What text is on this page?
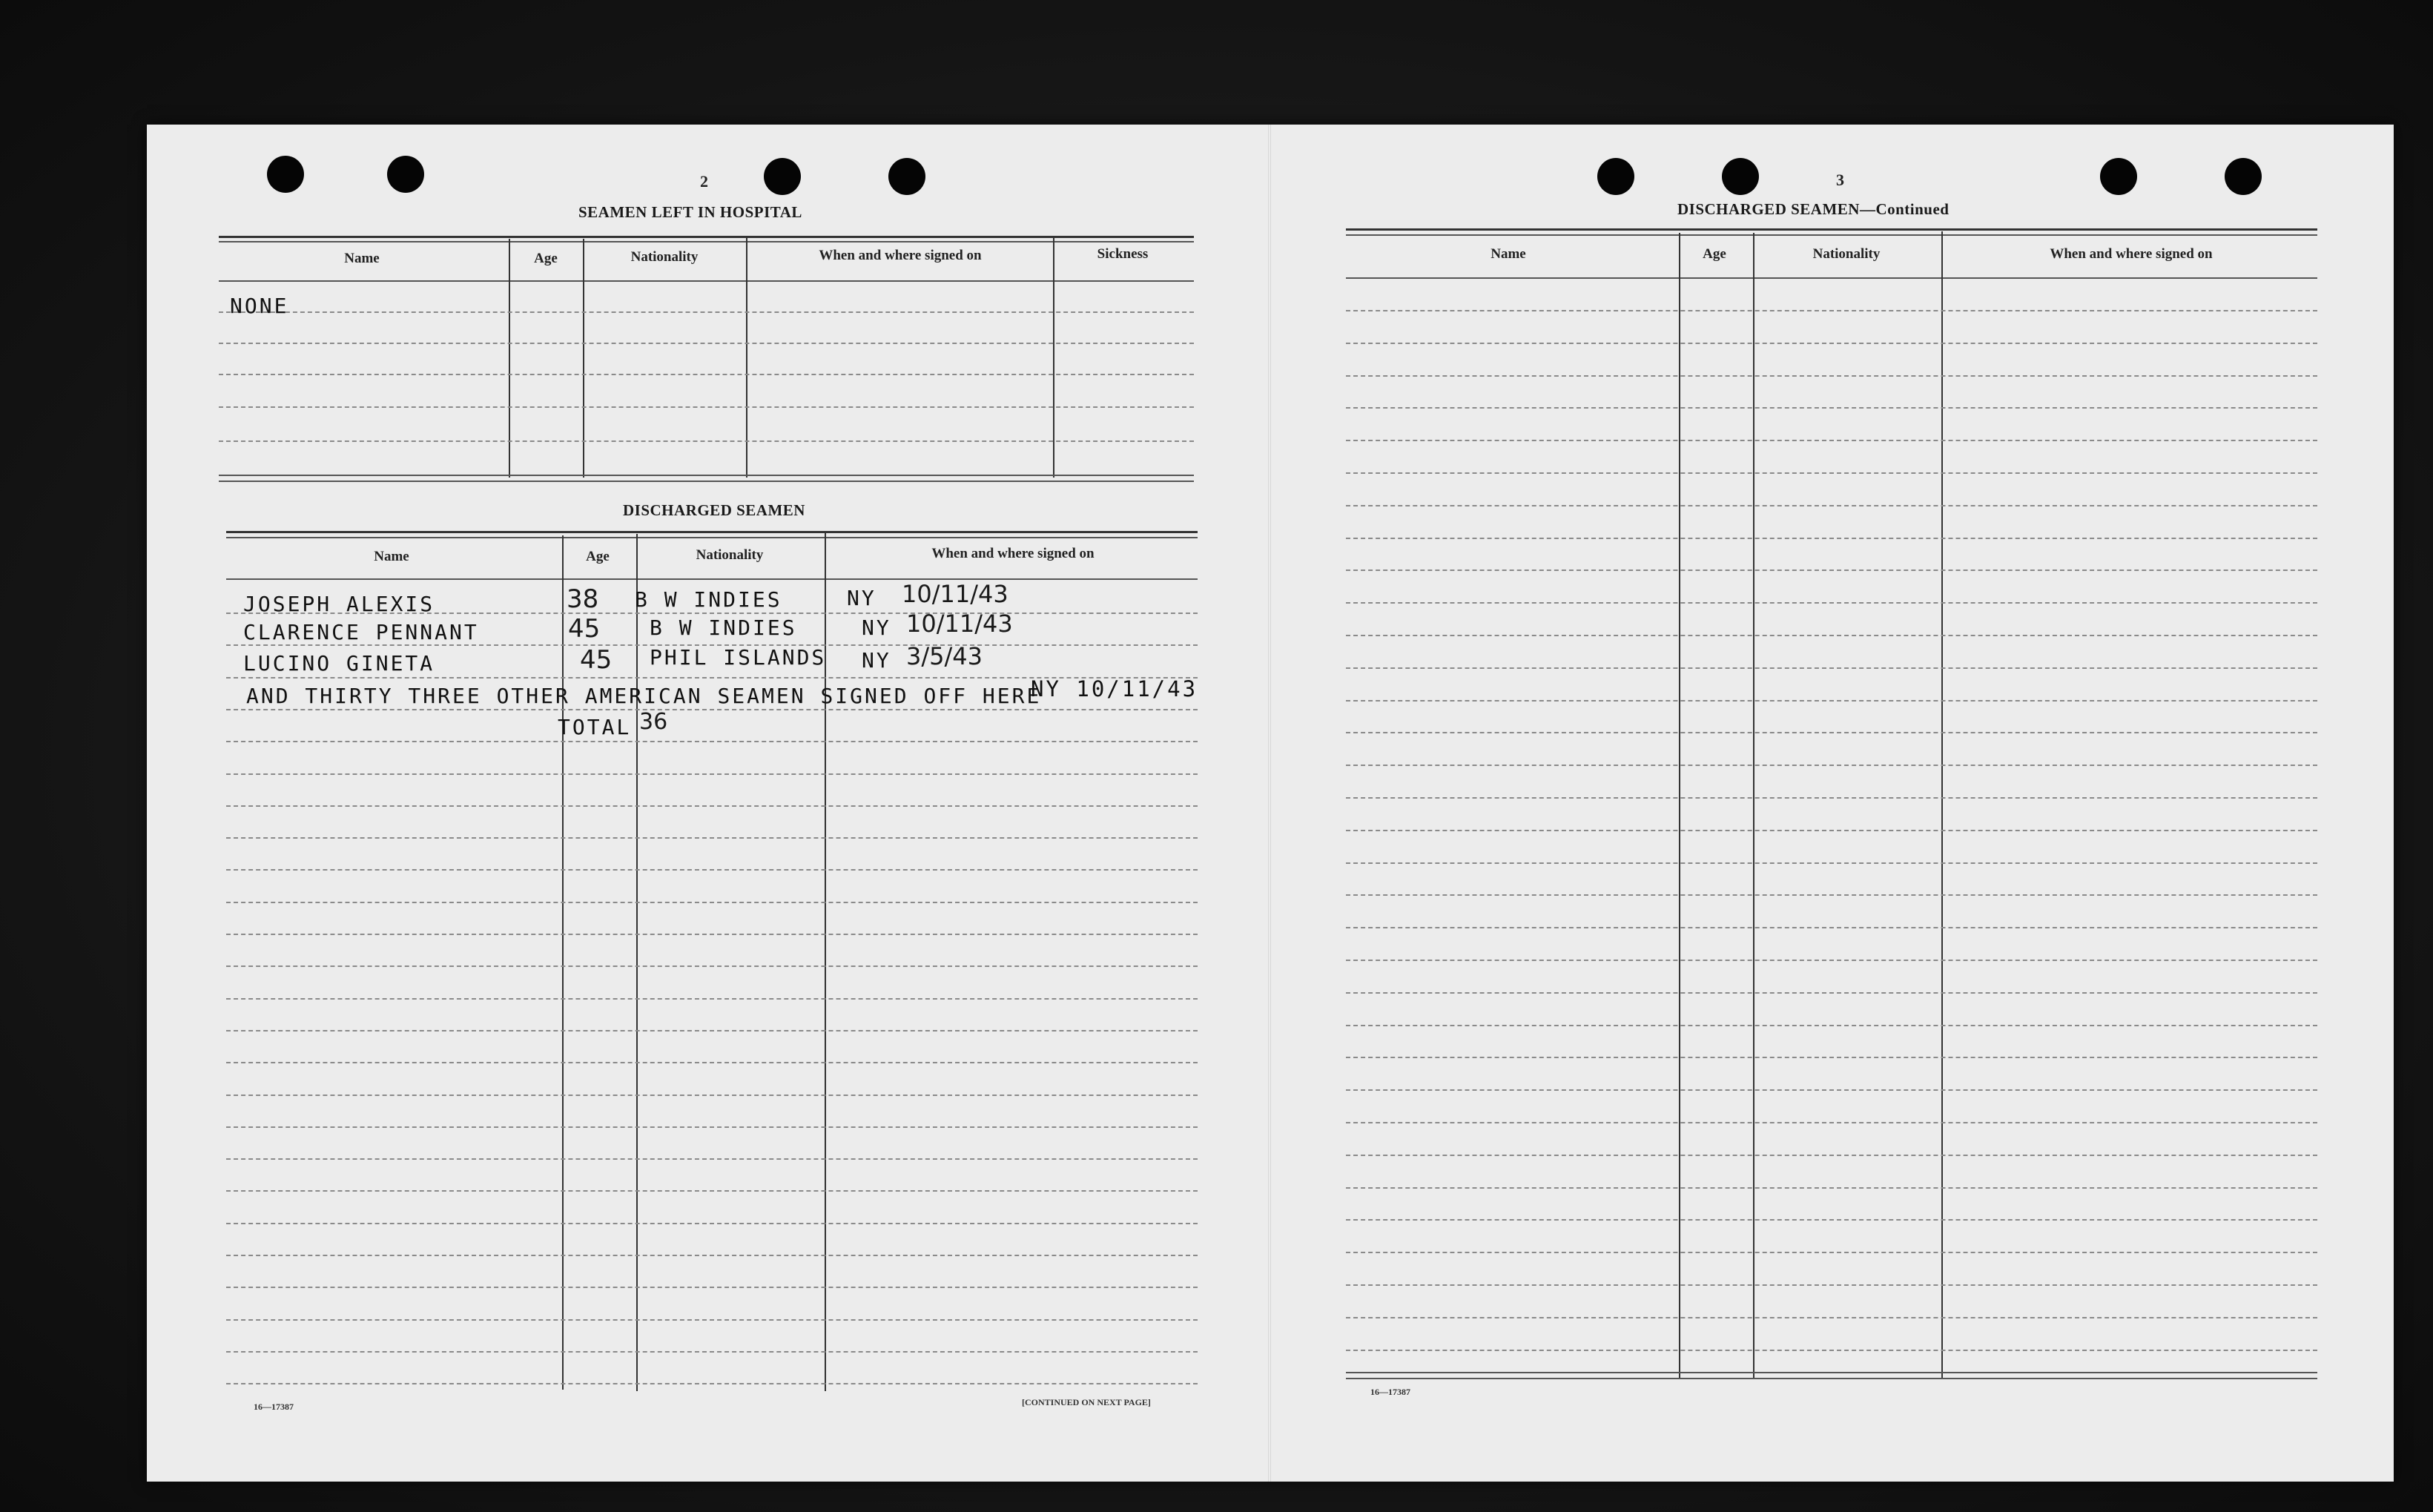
2
SEAMEN LEFT IN HOSPITAL
Name	Age	Nationality	When and where signed on	Sickness
NONE
DISCHARGED SEAMEN
Name	Age	Nationality	When and where signed on
JOSEPH ALEXIS	38 B W INDIES	NY 10/11/43
CLARENCE PENNANT	45 B W INDIES	NY 10/11/43
LUCINO GINETA	45 PHIL ISLANDS NY 3/5/43
AND THIRTY THREE OTHER AMERICAN SEAMEN SIGNED OFF HERE
NY 10/11/43
TOTAL 36
16—17387	[CONTINUED ON NEXT PAGE]
3
DISCHARGED SEAMEN—Continued
Name	Age	Nationality	When and where signed on
16—17387
